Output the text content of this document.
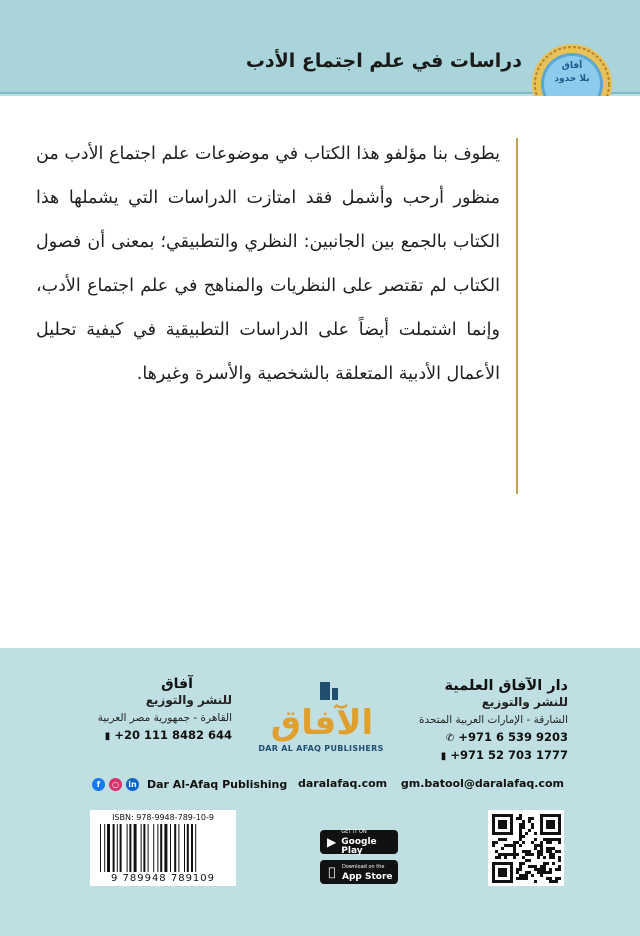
دراسات في علم اجتماع الأدب	آفاق
بلا حدود

يطوف بنا مؤلفو هذا الكتاب في موضوعات علم اجتماع الأدب من منظور أرحب وأشمل فقد امتازت الدراسات التي يشملها هذا الكتاب بالجمع بين الجانبين: النظري والتطبيقي؛ بمعنى أن فصول الكتاب لم تقتصر على النظريات والمناهج في علم اجتماع الأدب، وإنما اشتملت أيضاً على الدراسات التطبيقية في كيفية تحليل الأعمال الأدبية المتعلقة بالشخصية والأسرة وغيرها.

دار الآفاق العلمية
للنشر والتوزيع
الشارقة - الإمارات العربية المتحدة
✆ +971 6 539 9203
▮ +971 52 703 1777
الآفاق
DAR AL AFAQ PUBLISHERS
آفاق
للنشر والتوزيع
القاهرة - جمهورية مصر العربية
▮ +20 111 8482 644
f	○	in Dar Al-Afaq Publishing daralafaq.com gm.batool@daralafaq.com
ISBN: 978-9948-789-10-9
9 789948 789109
▶
GET IT ON
Google Play
Download on the
App Store
